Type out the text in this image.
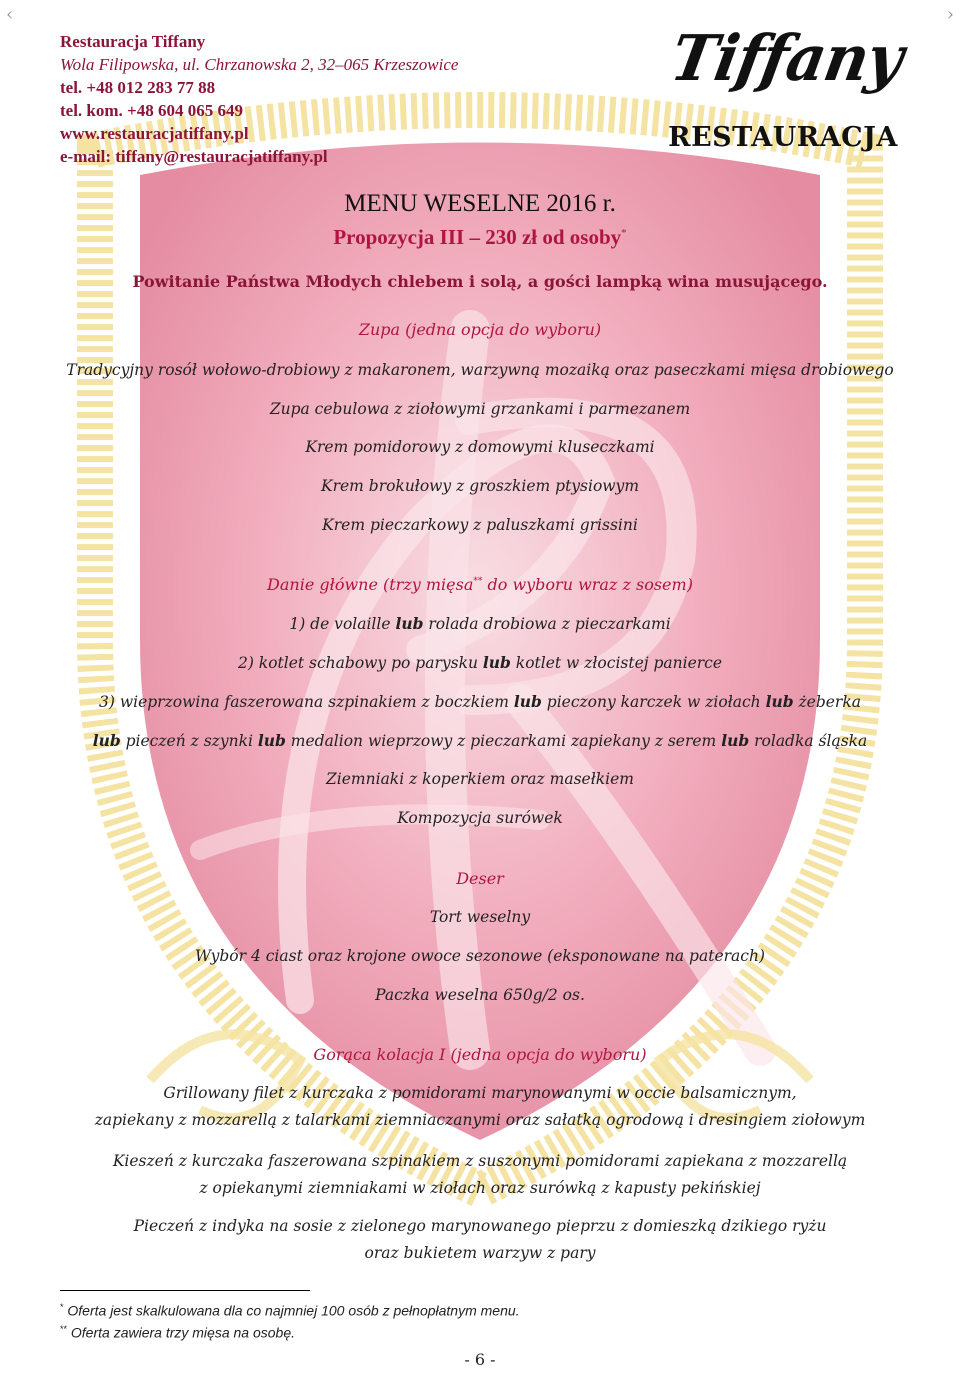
‹	›
Restauracja Tiffany
Wola Filipowska, ul. Chrzanowska 2, 32–065 Krzeszowice
tel. +48 012 283 77 88
tel. kom. +48 604 065 649
www.restauracjatiffany.pl
e-mail: tiffany@restauracjatiffany.pl
Tiffany
RESTAURACJA
MENU WESELNE 2016 r.
Propozycja III – 230 zł od osoby*
Powitanie Państwa Młodych chlebem i solą, a gości lampką wina musującego.
Zupa (jedna opcja do wyboru)
Tradycyjny rosół wołowo-drobiowy z makaronem, warzywną mozaiką oraz paseczkami mięsa drobiowego
Zupa cebulowa z ziołowymi grzankami i parmezanem
Krem pomidorowy z domowymi kluseczkami
Krem brokułowy z groszkiem ptysiowym
Krem pieczarkowy z paluszkami grissini
Danie główne (trzy mięsa** do wyboru wraz z sosem)
1) de volaille lub rolada drobiowa z pieczarkami
2) kotlet schabowy po parysku lub kotlet w złocistej panierce
3) wieprzowina faszerowana szpinakiem z boczkiem lub pieczony karczek w ziołach lub żeberka
lub pieczeń z szynki lub medalion wieprzowy z pieczarkami zapiekany z serem lub roladka śląska
Ziemniaki z koperkiem oraz masełkiem
Kompozycja surówek
Deser
Tort weselny
Wybór 4 ciast oraz krojone owoce sezonowe (eksponowane na paterach)
Paczka weselna 650g/2 os.
Gorąca kolacja I (jedna opcja do wyboru)
Grillowany filet z kurczaka z pomidorami marynowanymi w occie balsamicznym,
zapiekany z mozzarellą z talarkami ziemniaczanymi oraz sałatką ogrodową i dresingiem ziołowym
Kieszeń z kurczaka faszerowana szpinakiem z suszonymi pomidorami zapiekana z mozzarellą
z opiekanymi ziemniakami w ziołach oraz surówką z kapusty pekińskiej
Pieczeń z indyka na sosie z zielonego marynowanego pieprzu z domieszką dzikiego ryżu
oraz bukietem warzyw z pary
* Oferta jest skalkulowana dla co najmniej 100 osób z pełnopłatnym menu.
** Oferta zawiera trzy mięsa na osobę.
- 6 -
